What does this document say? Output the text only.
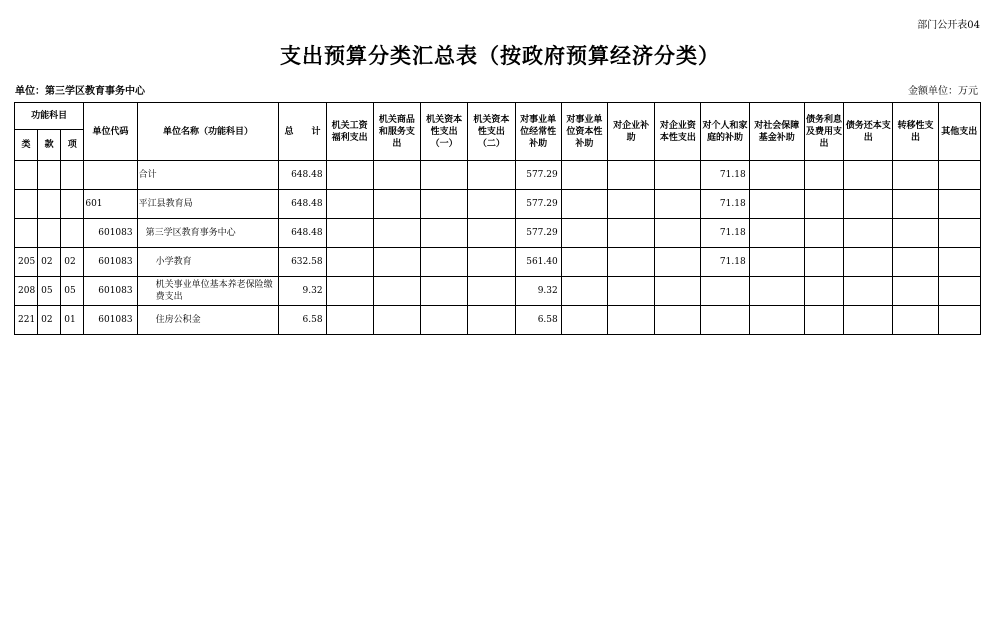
部门公开表04
支出预算分类汇总表（按政府预算经济分类）
单位：第三学区教育事务中心	金额单位：万元
功能科目			单位代码	单位名称（功能科目）	总　　计	机关工资福利支出	机关商品和服务支出	机关资本性支出（一）	机关资本性支出（二）	对事业单位经常性补助	对事业单位资本性补助	对企业补助	对企业资本性支出	对个人和家庭的补助	对社会保障基金补助	债务利息及费用支出	债务还本支出	转移性支出	其他支出
类	款	项																	
				合计	648.48					577.29				71.18					
			601	平江县教育局	648.48					577.29				71.18					
			601083	第三学区教育事务中心	648.48					577.29				71.18					
205	02	02	601083	小学教育	632.58					561.40				71.18					
208	05	05	601083	机关事业单位基本养老保险缴费支出	9.32					9.32									
221	02	01	601083	住房公积金	6.58					6.58									
